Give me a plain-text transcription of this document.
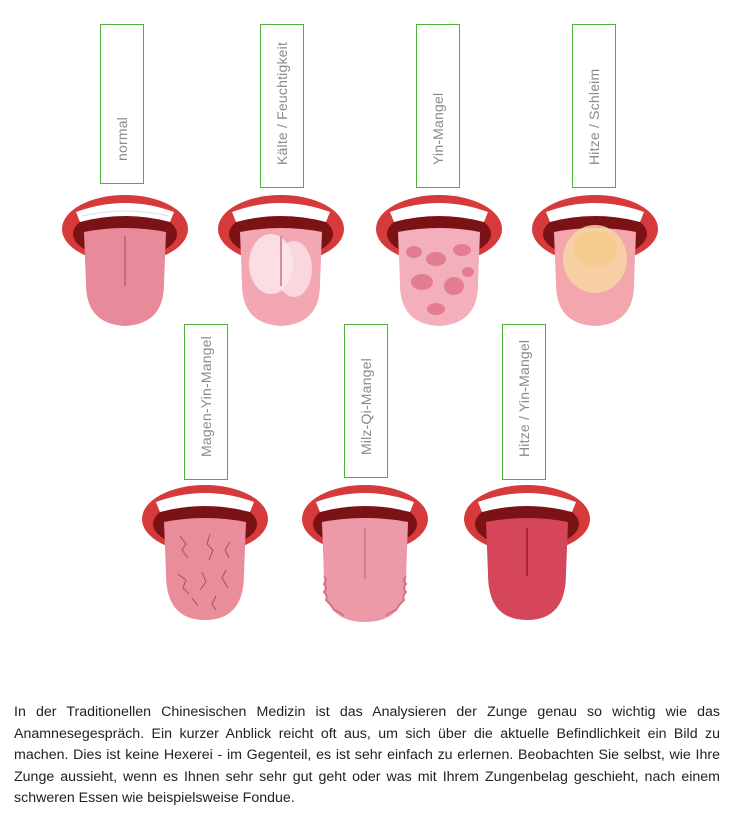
normal	Kälte / Feuchtigkeit	Yin-Mangel	Hitze / Schleim
Magen-Yin-Mangel	Milz-Qi-Mangel	Hitze / Yin-Mangel

In der Traditionellen Chinesischen Medizin ist das Analysieren der Zunge genau so wichtig wie das Anamnesegespräch. Ein kurzer Anblick reicht oft aus, um sich über die aktuelle Befindlichkeit ein Bild zu machen. Dies ist keine Hexerei - im Gegenteil, es ist sehr einfach zu erlernen. Beobachten Sie selbst, wie Ihre Zunge aussieht, wenn es Ihnen sehr sehr gut geht oder was mit Ihrem Zungenbelag geschieht, nach einem schweren Essen wie beispielsweise Fondue.
